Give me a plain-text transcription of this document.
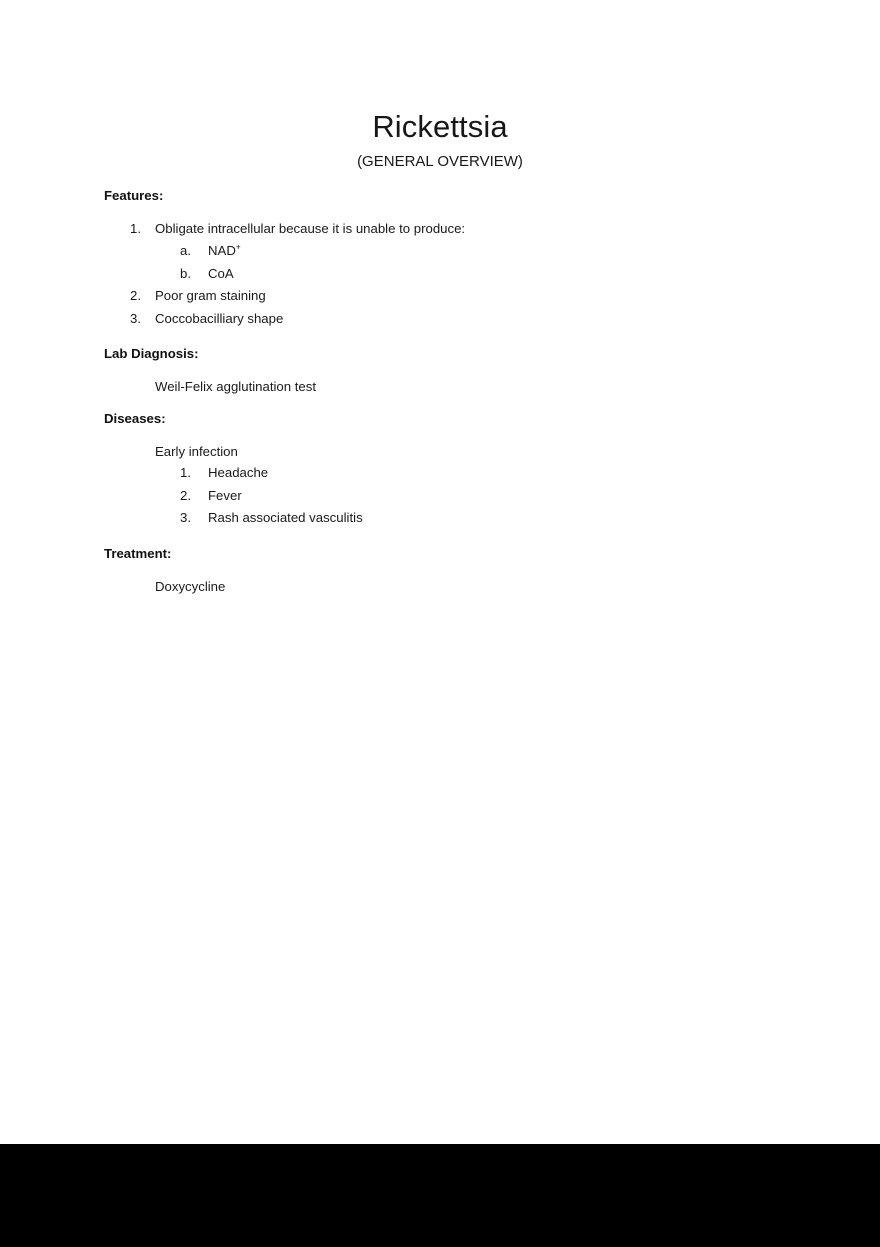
Rickettsia
(GENERAL OVERVIEW)
Features:
1. Obligate intracellular because it is unable to produce:
a. NAD+
b. CoA
2. Poor gram staining
3. Coccobacilliary shape
Lab Diagnosis:
Weil-Felix agglutination test
Diseases:
Early infection
1. Headache
2. Fever
3. Rash associated vasculitis
Treatment:
Doxycycline
